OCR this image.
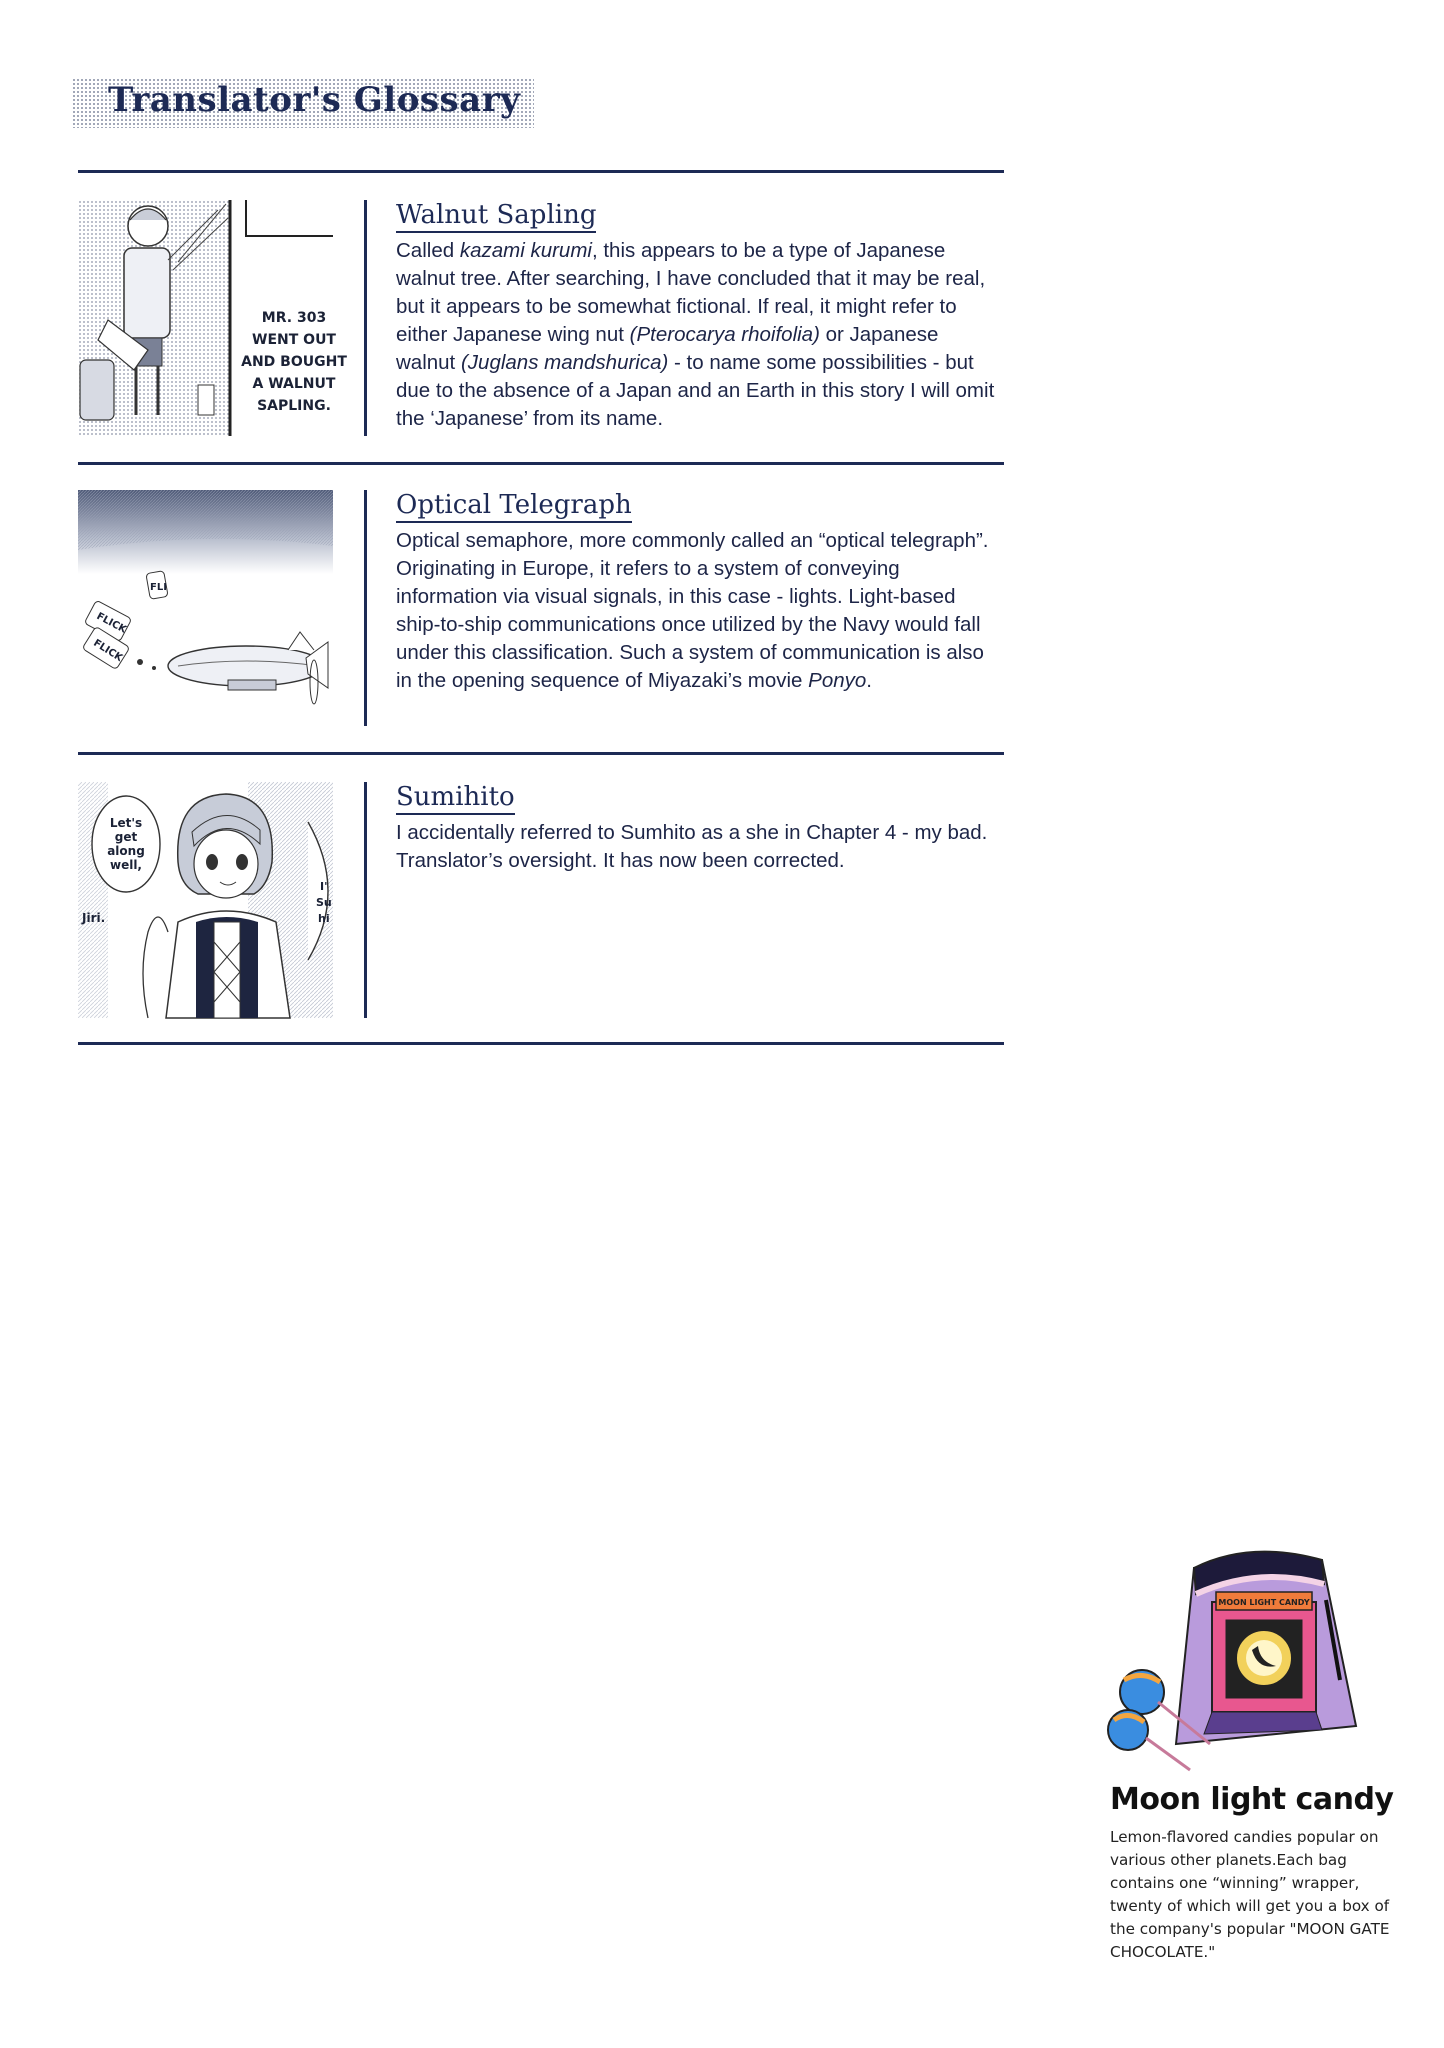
Translator's Glossary
MR. 303
WENT OUT
AND BOUGHT
A WALNUT
SAPLING.
Walnut Sapling

Called kazami kurumi, this appears to be a type of Japanese walnut tree. After searching, I have concluded that it may be real, but it appears to be somewhat fictional. If real, it might refer to either Japanese wing nut (Pterocarya rhoifolia) or Japanese walnut (Juglans mandshurica) - to name some possibilities - but due to the absence of a Japan and an Earth in this story I will omit the ‘Japanese’ from its name.

FLI
FLICK
FLICK
Optical Telegraph

Optical semaphore, more commonly called an “optical telegraph”. Originating in Europe, it refers to a system of conveying information via visual signals, in this case - lights. Light-based ship-to-ship communications once utilized by the Navy would fall under this classification. Such a system of communication is also in the opening sequence of Miyazaki’s movie Ponyo.

Let's
get
along
well,
Jiri.
I'
Su
hi
Sumihito

I accidentally referred to Sumhito as a she in Chapter 4 - my bad. Translator’s oversight. It has now been corrected.

MOON LIGHT CANDY
Moon light candy

Lemon-flavored candies popular on various other planets.Each bag contains one “winning” wrapper, twenty of which will get you a box of the company's popular "MOON GATE CHOCOLATE."
